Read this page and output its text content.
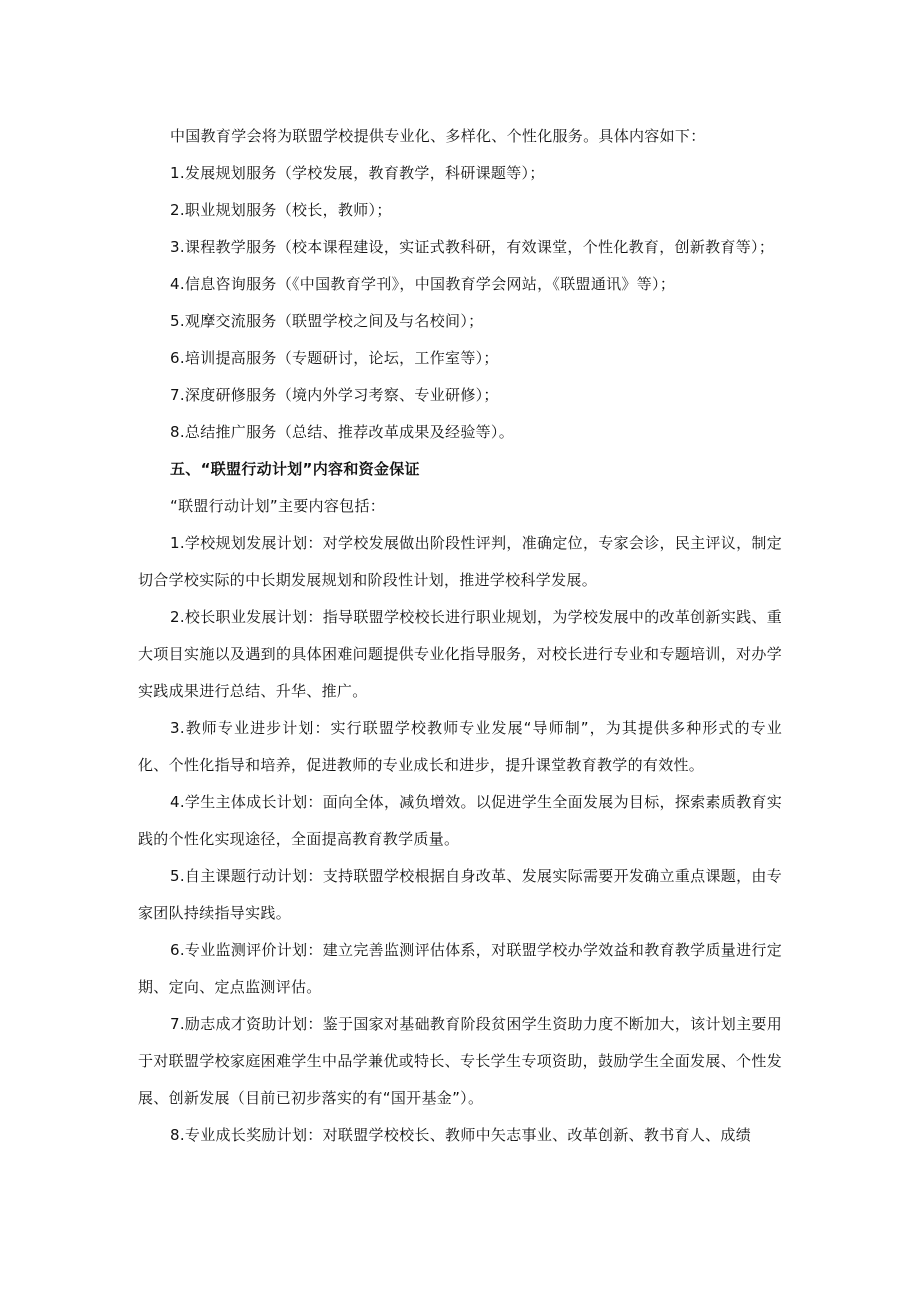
中国教育学会将为联盟学校提供专业化、多样化、个性化服务。具体内容如下：

1.发展规划服务（学校发展，教育教学，科研课题等）；

2.职业规划服务（校长，教师）；

3.课程教学服务（校本课程建设，实证式教科研，有效课堂，个性化教育，创新教育等）；

4.信息咨询服务（《中国教育学刊》，中国教育学会网站，《联盟通讯》等）；

5.观摩交流服务（联盟学校之间及与名校间）；

6.培训提高服务（专题研讨，论坛，工作室等）；

7.深度研修服务（境内外学习考察、专业研修）；

8.总结推广服务（总结、推荐改革成果及经验等）。

五、“联盟行动计划”内容和资金保证

“联盟行动计划”主要内容包括：

1.学校规划发展计划：对学校发展做出阶段性评判，准确定位，专家会诊，民主评议，制定切合学校实际的中长期发展规划和阶段性计划，推进学校科学发展。

2.校长职业发展计划：指导联盟学校校长进行职业规划，为学校发展中的改革创新实践、重大项目实施以及遇到的具体困难问题提供专业化指导服务，对校长进行专业和专题培训，对办学实践成果进行总结、升华、推广。

3.教师专业进步计划：实行联盟学校教师专业发展“导师制”，为其提供多种形式的专业化、个性化指导和培养，促进教师的专业成长和进步，提升课堂教育教学的有效性。

4.学生主体成长计划：面向全体，减负增效。以促进学生全面发展为目标，探索素质教育实践的个性化实现途径，全面提高教育教学质量。

5.自主课题行动计划：支持联盟学校根据自身改革、发展实际需要开发确立重点课题，由专家团队持续指导实践。

6.专业监测评价计划：建立完善监测评估体系，对联盟学校办学效益和教育教学质量进行定期、定向、定点监测评估。

7.励志成才资助计划：鉴于国家对基础教育阶段贫困学生资助力度不断加大，该计划主要用于对联盟学校家庭困难学生中品学兼优或特长、专长学生专项资助，鼓励学生全面发展、个性发展、创新发展（目前已初步落实的有“国开基金”）。

8.专业成长奖励计划：对联盟学校校长、教师中矢志事业、改革创新、教书育人、成绩
